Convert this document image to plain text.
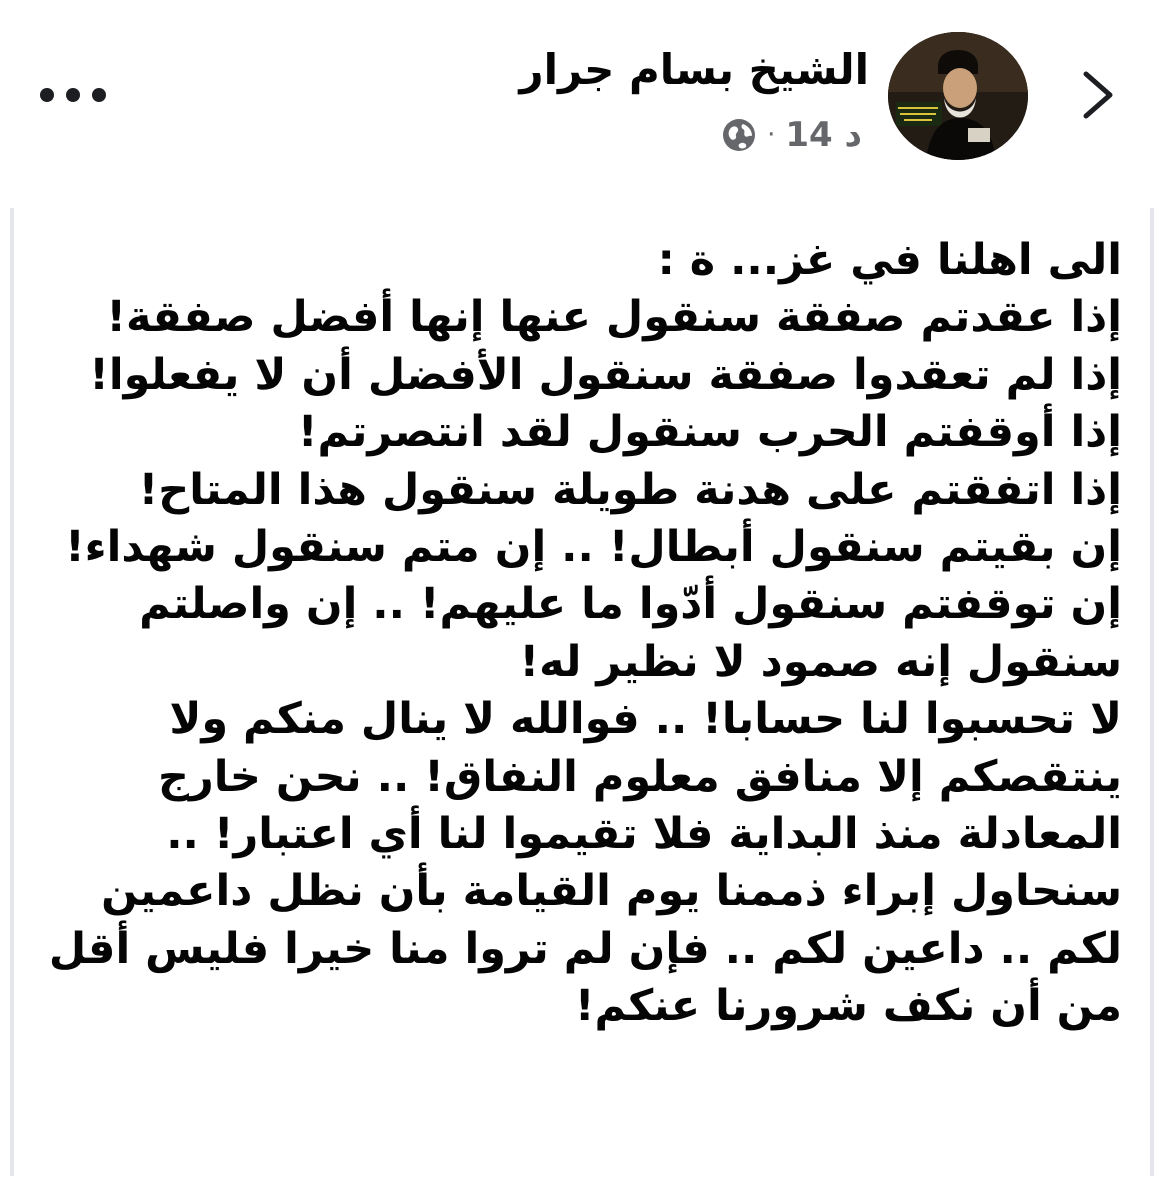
الشيخ بسام جرار
14 د
·
الى اهلنا في غز... ة :
إذا عقدتم صفقة سنقول عنها إنها أفضل صفقة!
إذا لم تعقدوا صفقة سنقول الأفضل أن لا يفعلوا!
إذا أوقفتم الحرب سنقول لقد انتصرتم!
إذا اتفقتم على هدنة طويلة سنقول هذا المتاح!
إن بقيتم سنقول أبطال! .. إن متم سنقول شهداء!
إن توقفتم سنقول أدّوا ما عليهم! .. إن واصلتم
سنقول إنه صمود لا نظير له!
لا تحسبوا لنا حسابا! .. فوالله لا ينال منكم ولا
ينتقصكم إلا منافق معلوم النفاق! .. نحن خارج
المعادلة منذ البداية فلا تقيموا لنا أي اعتبار! ..
سنحاول إبراء ذممنا يوم القيامة بأن نظل داعمين
لكم .. داعين لكم .. فإن لم تروا منا خيرا فليس أقل
من أن نكف شرورنا عنكم!
